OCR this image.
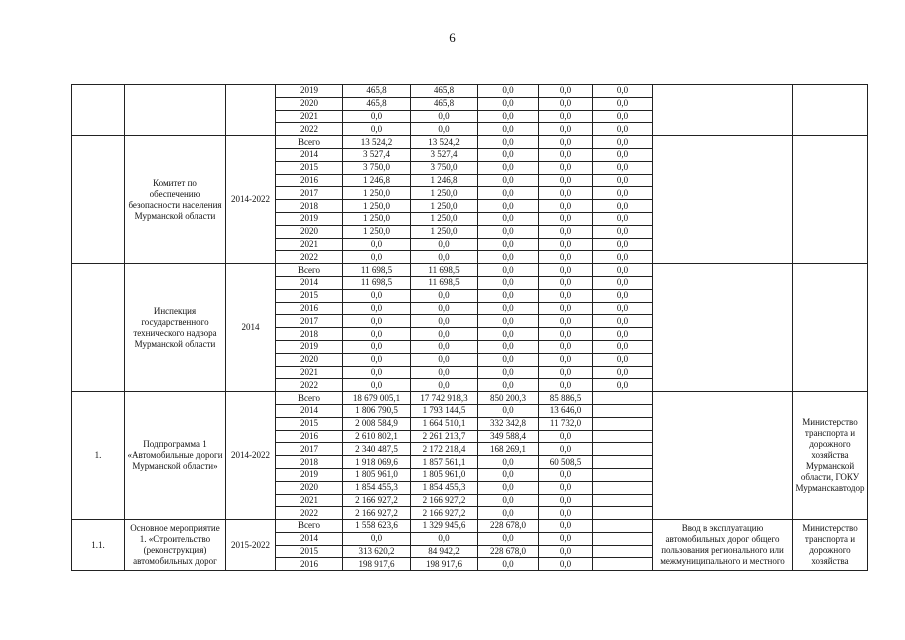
6
			2019	465,8	465,8	0,0	0,0	0,0		
			2020	465,8	465,8	0,0	0,0	0,0		
			2021	0,0	0,0	0,0	0,0	0,0		
			2022	0,0	0,0	0,0	0,0	0,0		
	Комитет по обеспечению безопасности населения Мурманской области	2014-2022	Всего	13 524,2	13 524,2	0,0	0,0	0,0		
			2014	3 527,4	3 527,4	0,0	0,0	0,0		
			2015	3 750,0	3 750,0	0,0	0,0	0,0		
			2016	1 246,8	1 246,8	0,0	0,0	0,0		
			2017	1 250,0	1 250,0	0,0	0,0	0,0		
			2018	1 250,0	1 250,0	0,0	0,0	0,0		
			2019	1 250,0	1 250,0	0,0	0,0	0,0		
			2020	1 250,0	1 250,0	0,0	0,0	0,0		
			2021	0,0	0,0	0,0	0,0	0,0		
			2022	0,0	0,0	0,0	0,0	0,0		
	Инспекция государственного технического надзора Мурманской области	2014	Всего	11 698,5	11 698,5	0,0	0,0	0,0		
			2014	11 698,5	11 698,5	0,0	0,0	0,0		
			2015	0,0	0,0	0,0	0,0	0,0		
			2016	0,0	0,0	0,0	0,0	0,0		
			2017	0,0	0,0	0,0	0,0	0,0		
			2018	0,0	0,0	0,0	0,0	0,0		
			2019	0,0	0,0	0,0	0,0	0,0		
			2020	0,0	0,0	0,0	0,0	0,0		
			2021	0,0	0,0	0,0	0,0	0,0		
			2022	0,0	0,0	0,0	0,0	0,0		
1.	Подпрограмма 1 «Автомобильные дороги Мурманской области»	2014-2022	Всего	18 679 005,1	17 742 918,3	850 200,3	85 886,5			Министерство транспорта и дорожного хозяйства Мурманской области, ГОКУ Мурманскавтодор
			2014	1 806 790,5	1 793 144,5	0,0	13 646,0			
			2015	2 008 584,9	1 664 510,1	332 342,8	11 732,0			
			2016	2 610 802,1	2 261 213,7	349 588,4	0,0			
			2017	2 340 487,5	2 172 218,4	168 269,1	0,0			
			2018	1 918 069,6	1 857 561,1	0,0	60 508,5			
			2019	1 805 961,0	1 805 961,0	0,0	0,0			
			2020	1 854 455,3	1 854 455,3	0,0	0,0			
			2021	2 166 927,2	2 166 927,2	0,0	0,0			
			2022	2 166 927,2	2 166 927,2	0,0	0,0			
1.1.	Основное мероприятие 1. «Строительство (реконструкция) автомобильных дорог	2015-2022	Всего	1 558 623,6	1 329 945,6	228 678,0	0,0		Ввод в эксплуатацию автомобильных дорог общего пользования регионального или межмуниципального и местного	Министерство транспорта и дорожного хозяйства
			2014	0,0	0,0	0,0	0,0			
			2015	313 620,2	84 942,2	228 678,0	0,0			
			2016	198 917,6	198 917,6	0,0	0,0			
